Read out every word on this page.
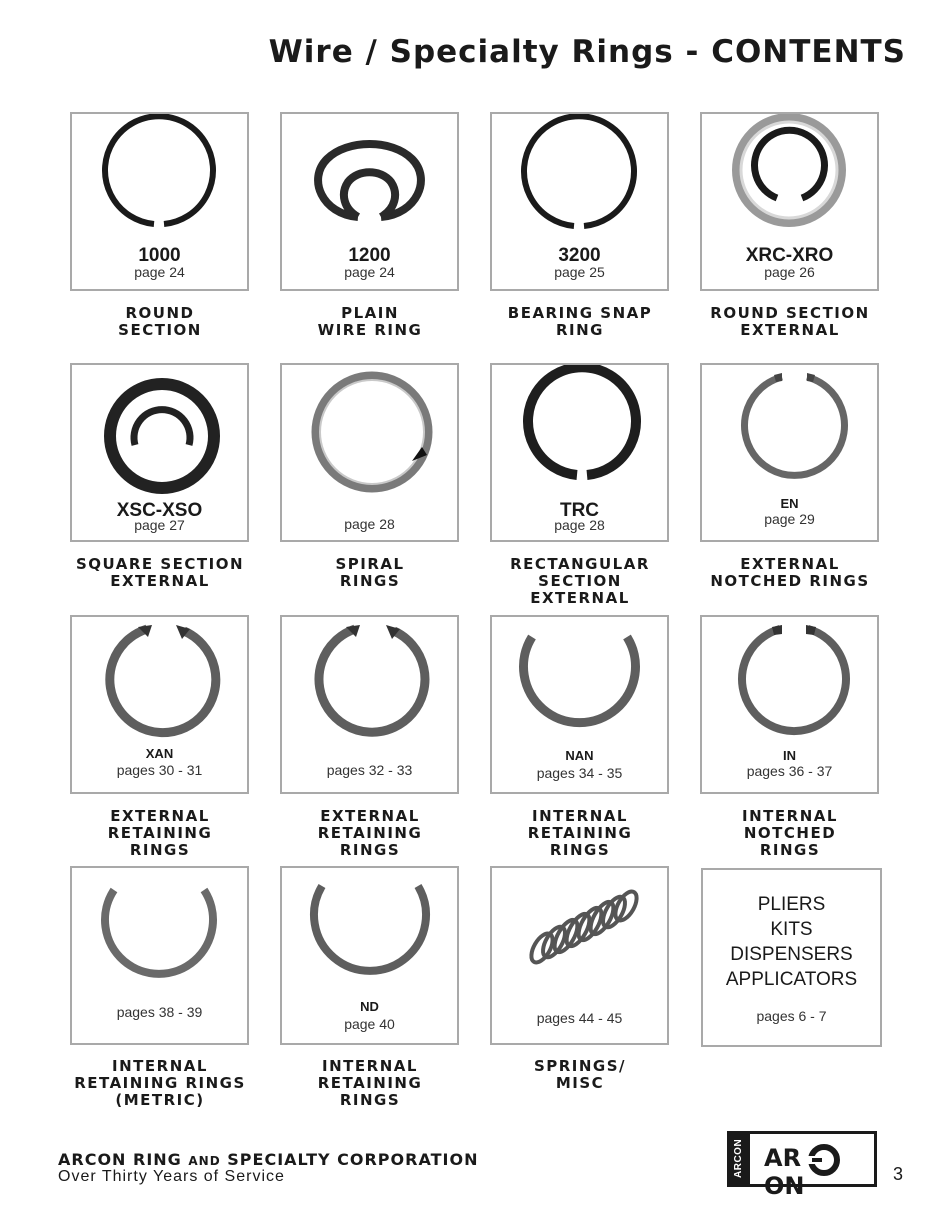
Wire / Specialty Rings - CONTENTS
1000
page 24
ROUND
SECTION
1200
page 24
PLAIN
WIRE RING
3200
page 25
BEARING SNAP
RING
XRC-XRO
page 26
ROUND SECTION
EXTERNAL
XSC-XSO
page 27
SQUARE SECTION
EXTERNAL
page 28
SPIRAL
RINGS
TRC
page 28
RECTANGULAR
SECTION
EXTERNAL
EN
page 29
EXTERNAL
NOTCHED RINGS
XAN
pages 30 - 31
EXTERNAL
RETAINING
RINGS
pages 32 - 33
EXTERNAL
RETAINING
RINGS
NAN
pages 34 - 35
INTERNAL
RETAINING
RINGS
IN
pages 36 - 37
INTERNAL
NOTCHED
RINGS
pages 38 - 39
INTERNAL
RETAINING RINGS
(METRIC)
ND
page 40
INTERNAL
RETAINING
RINGS
pages 44 - 45
SPRINGS/
MISC
PLIERS
KITS
DISPENSERS
APPLICATORS
pages 6 - 7
ARCON RING AND SPECIALTY CORPORATION
Over Thirty Years of Service	ARCON ARON	3
